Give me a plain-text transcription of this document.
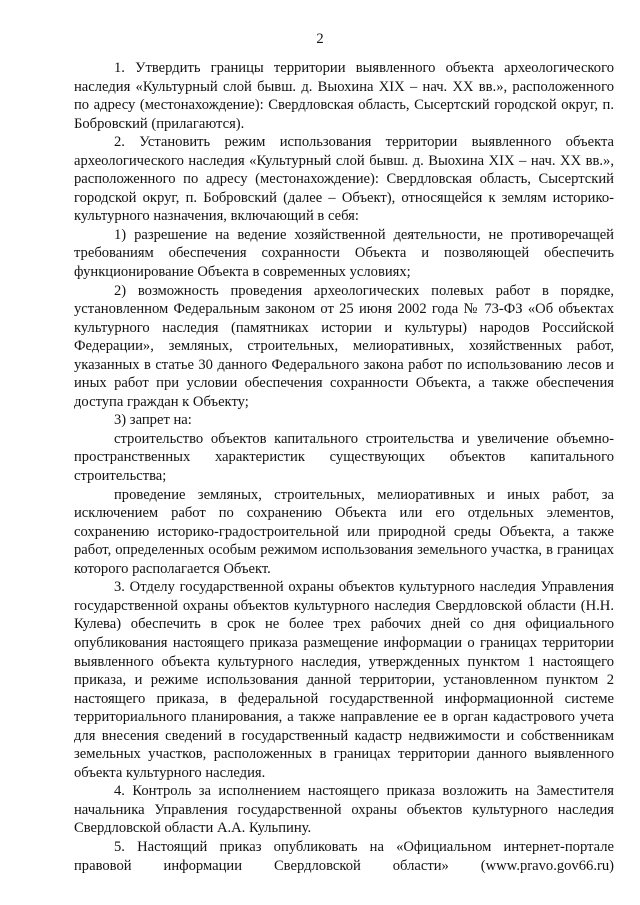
2

1. Утвердить границы территории выявленного объекта археологического наследия «Культурный слой бывш. д. Выохина XIX – нач. XX вв.», расположенного по адресу (местонахождение): Свердловская область, Сысертский городской округ, п. Бобровский (прилагаются).

2. Установить режим использования территории выявленного объекта археологического наследия «Культурный слой бывш. д. Выохина XIX – нач. XX вв.», расположенного по адресу (местонахождение): Свердловская область, Сысертский городской округ, п. Бобровский (далее – Объект), относящейся к землям историко-культурного назначения, включающий в себя:

1) разрешение на ведение хозяйственной деятельности, не противоречащей требованиям обеспечения сохранности Объекта и позволяющей обеспечить функционирование Объекта в современных условиях;

2) возможность проведения археологических полевых работ в порядке, установленном Федеральным законом от 25 июня 2002 года № 73-ФЗ «Об объектах культурного наследия (памятниках истории и культуры) народов Российской Федерации», земляных, строительных, мелиоративных, хозяйственных работ, указанных в статье 30 данного Федерального закона работ по использованию лесов и иных работ при условии обеспечения сохранности Объекта, а также обеспечения доступа граждан к Объекту;

3) запрет на:

строительство объектов капитального строительства и увеличение объемно-пространственных характеристик существующих объектов капитального строительства;

проведение земляных, строительных, мелиоративных и иных работ, за исключением работ по сохранению Объекта или его отдельных элементов, сохранению историко-градостроительной или природной среды Объекта, а также работ, определенных особым режимом использования земельного участка, в границах которого располагается Объект.

3. Отделу государственной охраны объектов культурного наследия Управления государственной охраны объектов культурного наследия Свердловской области (Н.Н. Кулева) обеспечить в срок не более трех рабочих дней со дня официального опубликования настоящего приказа размещение информации о границах территории выявленного объекта культурного наследия, утвержденных пунктом 1 настоящего приказа, и режиме использования данной территории, установленном пунктом 2 настоящего приказа, в федеральной государственной информационной системе территориального планирования, а также направление ее в орган кадастрового учета для внесения сведений в государственный кадастр недвижимости и собственникам земельных участков, расположенных в границах территории данного выявленного объекта культурного наследия.

4. Контроль за исполнением настоящего приказа возложить на Заместителя начальника Управления государственной охраны объектов культурного наследия Свердловской области А.А. Кульпину.

5. Настоящий приказ опубликовать на «Официальном интернет-портале правовой информации Свердловской области» (www.pravo.gov66.ru)
